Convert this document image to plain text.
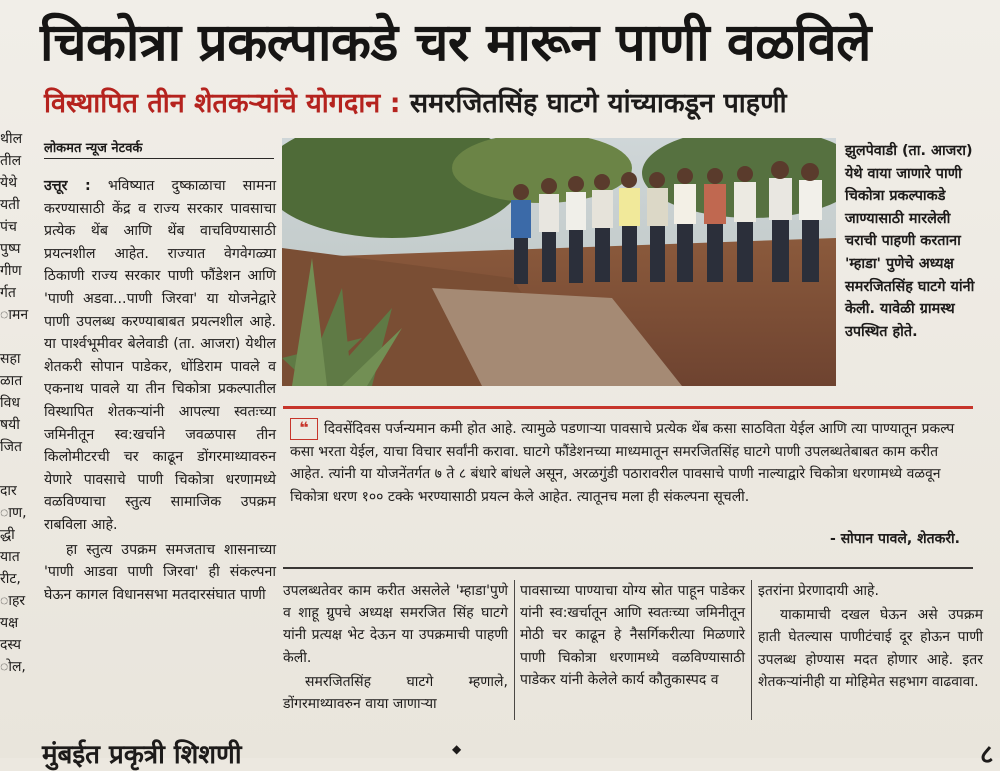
चिकोत्रा प्रकल्पाकडे चर मारून पाणी वळविले
विस्थापित तीन शेतकऱ्यांचे योगदान : समरजितसिंह घाटगे यांच्याकडून पाहणी
थील
तील
येथे
यती
पंच
पुष्प
गीण
र्गत
ामन

सहा
ळात
विध
षयी
जित

दार
ाण,
द्धी
यात
रीट,
ाहर
यक्ष
दस्य
ोल,
लोकमत न्यूज नेटवर्क

उत्तूर : भविष्यात दुष्काळाचा सामना करण्यासाठी केंद्र व राज्य सरकार पावसाचा प्रत्येक थेंब आणि थेंब वाचविण्यासाठी प्रयत्नशील आहेत. राज्यात वेगवेगळ्या ठिकाणी राज्य सरकार पाणी फौंडेशन आणि 'पाणी अडवा...पाणी जिरवा' या योजनेद्वारे पाणी उपलब्ध करण्याबाबत प्रयत्नशील आहे. या पार्श्वभूमीवर बेलेवाडी (ता. आजरा) येथील शेतकरी सोपान पाडेकर, धोंडिराम पावले व एकनाथ पावले या तीन चिकोत्रा प्रकल्पातील विस्थापित शेतकऱ्यांनी आपल्या स्वतःच्या जमिनीतून स्व:खर्चाने जवळपास तीन किलोमीटरची चर काढून डोंगरमाथ्यावरुन येणारे पावसाचे पाणी चिकोत्रा धरणामध्ये वळविण्याचा स्तुत्य सामाजिक उपक्रम राबविला आहे.

हा स्तुत्य उपक्रम समजताच शासनाच्या 'पाणी आडवा पाणी जिरवा' ही संकल्पना घेऊन कागल विधानसभा मतदारसंघात पाणी

झुलपेवाडी (ता. आजरा) येथे वाया जाणारे पाणी चिकोत्रा प्रकल्पाकडे जाण्यासाठी मारलेली चराची पाहणी करताना 'म्हाडा' पुणेचे अध्यक्ष समरजितसिंह घाटगे यांनी केली. यावेळी ग्रामस्थ उपस्थित होते.
❝ दिवसेंदिवस पर्जन्यमान कमी होत आहे. त्यामुळे पडणाऱ्या पावसाचे प्रत्येक थेंब कसा साठविता येईल आणि त्या पाण्यातून प्रकल्प कसा भरता येईल, याचा विचार सर्वांनी करावा. घाटगे फौंडेशनच्या माध्यमातून समरजितसिंह घाटगे पाणी उपलब्धतेबाबत काम करीत आहेत. त्यांनी या योजनेंतर्गत ७ ते ८ बंधारे बांधले असून, अरळगुंडी पठारावरील पावसाचे पाणी नाल्याद्वारे चिकोत्रा धरणामध्ये वळवून चिकोत्रा धरण १०० टक्के भरण्यासाठी प्रयत्न केले आहेत. त्यातूनच मला ही संकल्पना सूचली.
- सोपान पावले, शेतकरी.

उपलब्धतेवर काम करीत असलेले 'म्हाडा'पुणे व शाहू ग्रुपचे अध्यक्ष समरजित सिंह घाटगे यांनी प्रत्यक्ष भेट देऊन या उपक्रमाची पाहणी केली.

समरजितसिंह घाटगे म्हणाले, डोंगरमाथ्यावरुन वाया जाणाऱ्या

पावसाच्या पाण्याचा योग्य स्रोत पाहून पाडेकर यांनी स्व:खर्चातून आणि स्वतःच्या जमिनीतून मोठी चर काढून हे नैसर्गिकरीत्या मिळणारे पाणी चिकोत्रा धरणामध्ये वळविण्यासाठी पाडेकर यांनी केलेले कार्य कौतुकास्पद व

इतरांना प्रेरणादायी आहे.

याकामाची दखल घेऊन असे उपक्रम हाती घेतल्यास पाणीटंचाई दूर होऊन पाणी उपलब्ध होण्यास मदत होणार आहे. इतर शेतकऱ्यांनीही या मोहिमेत सहभाग वाढवावा.

◆
मुंबईत प्रकृत्री शिशणी	८
